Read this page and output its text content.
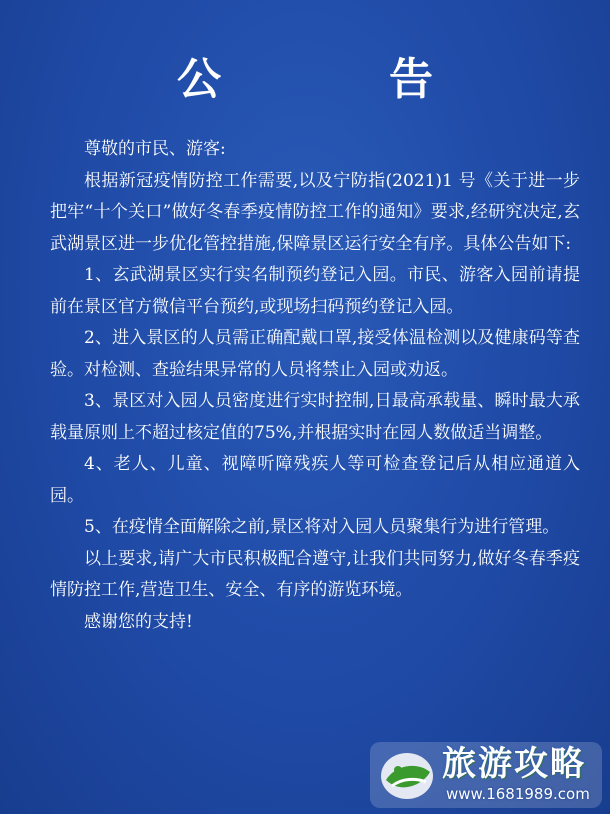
公　告

尊敬的市民、游客:

根据新冠疫情防控工作需要,以及宁防指(2021)1 号《关于进一步把牢“十个关口”做好冬春季疫情防控工作的通知》要求,经研究决定,玄武湖景区进一步优化管控措施,保障景区运行安全有序。具体公告如下:

1、玄武湖景区实行实名制预约登记入园。市民、游客入园前请提前在景区官方微信平台预约,或现场扫码预约登记入园。

2、进入景区的人员需正确配戴口罩,接受体温检测以及健康码等查验。对检测、查验结果异常的人员将禁止入园或劝返。

3、景区对入园人员密度进行实时控制,日最高承载量、瞬时最大承载量原则上不超过核定值的75%,并根据实时在园人数做适当调整。

4、老人、儿童、视障听障残疾人等可检查登记后从相应通道入园。

5、在疫情全面解除之前,景区将对入园人员聚集行为进行管理。

以上要求,请广大市民积极配合遵守,让我们共同努力,做好冬春季疫情防控工作,营造卫生、安全、有序的游览环境。

感谢您的支持!

旅游攻略
www.1681989.com
